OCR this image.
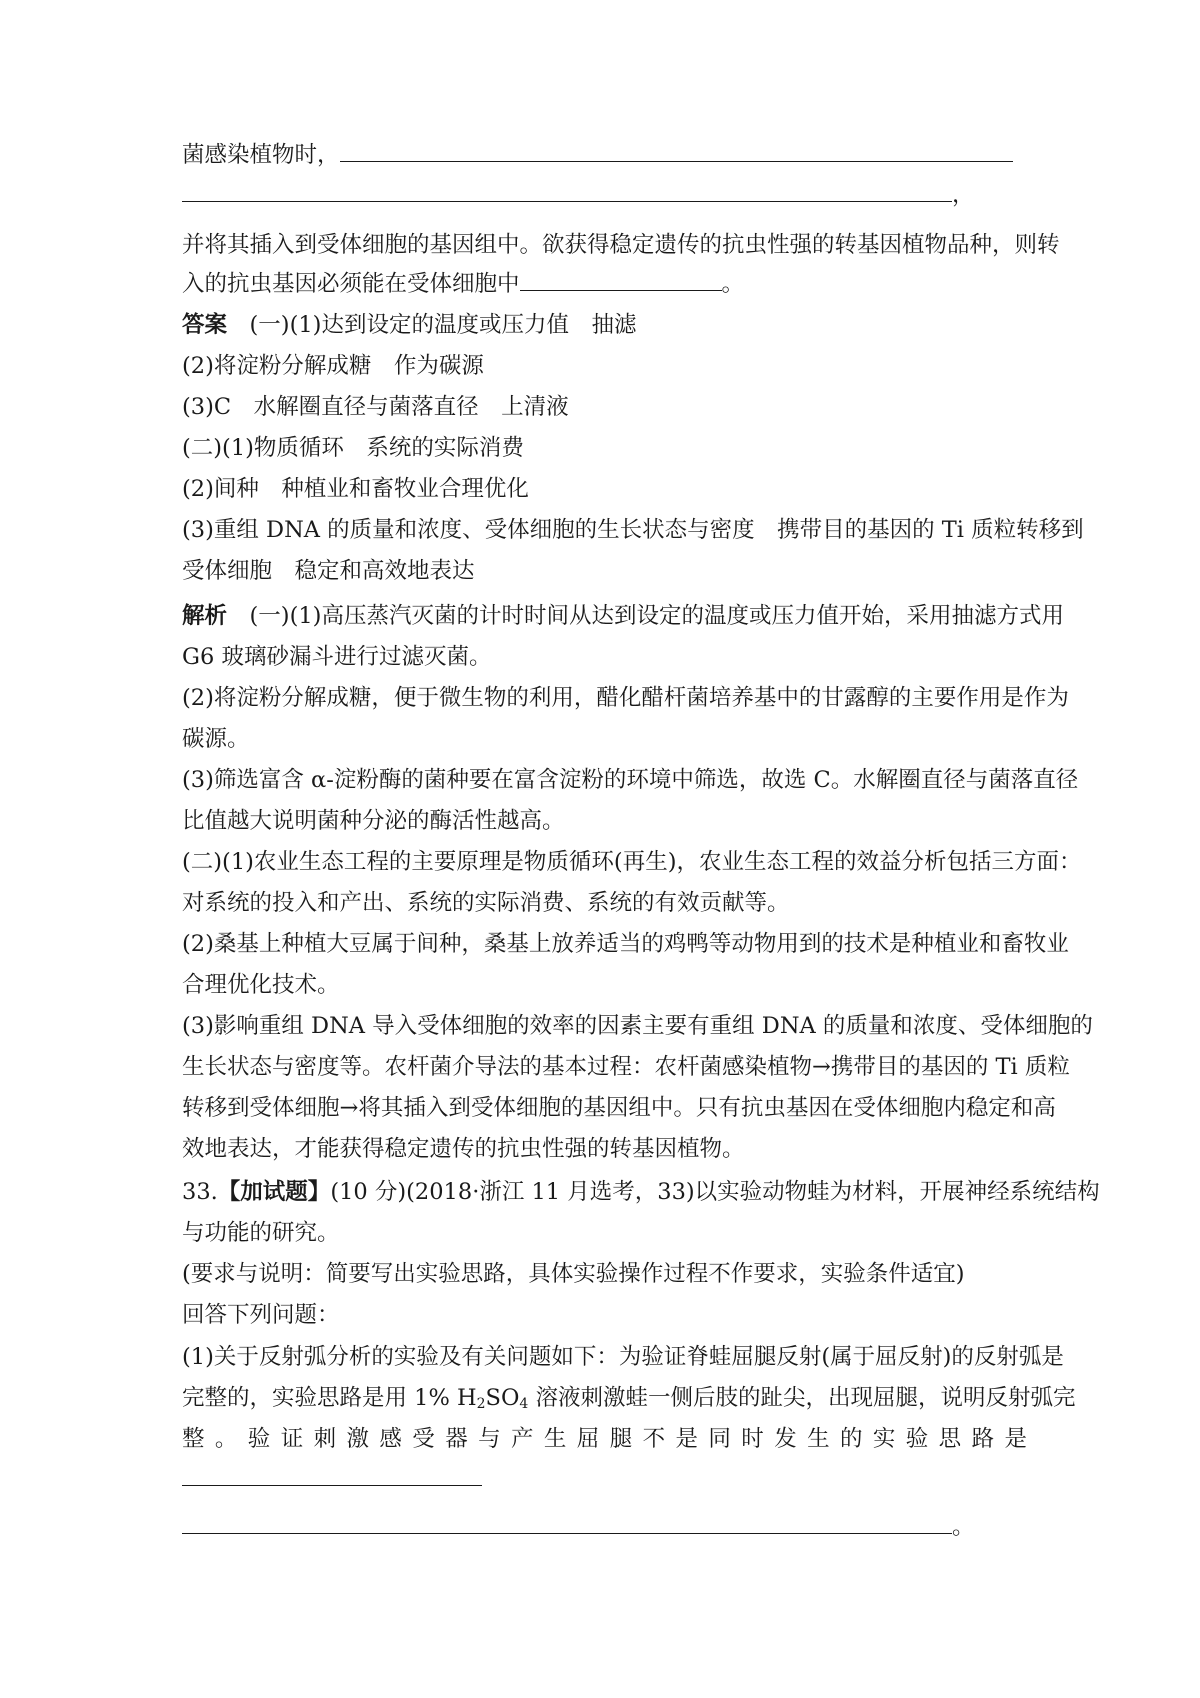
菌感染植物时，
，
并将其插入到受体细胞的基因组中。欲获得稳定遗传的抗虫性强的转基因植物品种，则转
入的抗虫基因必须能在受体细胞中	。
答案　 (一)(1)达到设定的温度或压力值　抽滤
(2)将淀粉分解成糖　作为碳源
(3)C　水解圈直径与菌落直径　上清液
(二)(1)物质循环　系统的实际消费
(2)间种　种植业和畜牧业合理优化
(3)重组 DNA 的质量和浓度、受体细胞的生长状态与密度　携带目的基因的 Ti 质粒转移到
受体细胞　稳定和高效地表达
解析　 (一)(1)高压蒸汽灭菌的计时时间从达到设定的温度或压力值开始，采用抽滤方式用
G6 玻璃砂漏斗进行过滤灭菌。
(2)将淀粉分解成糖，便于微生物的利用，醋化醋杆菌培养基中的甘露醇的主要作用是作为
碳源。
(3)筛选富含 α-淀粉酶的菌种要在富含淀粉的环境中筛选，故选 C。水解圈直径与菌落直径
比值越大说明菌种分泌的酶活性越高。
(二)(1)农业生态工程的主要原理是物质循环(再生)，农业生态工程的效益分析包括三方面：
对系统的投入和产出、系统的实际消费、系统的有效贡献等。
(2)桑基上种植大豆属于间种，桑基上放养适当的鸡鸭等动物用到的技术是种植业和畜牧业
合理优化技术。
(3)影响重组 DNA 导入受体细胞的效率的因素主要有重组 DNA 的质量和浓度、受体细胞的
生长状态与密度等。农杆菌介导法的基本过程：农杆菌感染植物→携带目的基因的 Ti 质粒
转移到受体细胞→将其插入到受体细胞的基因组中。只有抗虫基因在受体细胞内稳定和高
效地表达，才能获得稳定遗传的抗虫性强的转基因植物。
33.【加试题】(10 分)(2018·浙江 11 月选考，33)以实验动物蛙为材料，开展神经系统结构
与功能的研究。
(要求与说明：简要写出实验思路，具体实验操作过程不作要求，实验条件适宜)
回答下列问题：
(1)关于反射弧分析的实验及有关问题如下：为验证脊蛙屈腿反射(属于屈反射)的反射弧是
完整的，实验思路是用 1% $H_2SO_4$ 溶液刺激蛙一侧后肢的趾尖，出现屈腿，说明反射弧完
整。验证刺激感受器与产生屈腿不是同时发生的实验思路是
。
